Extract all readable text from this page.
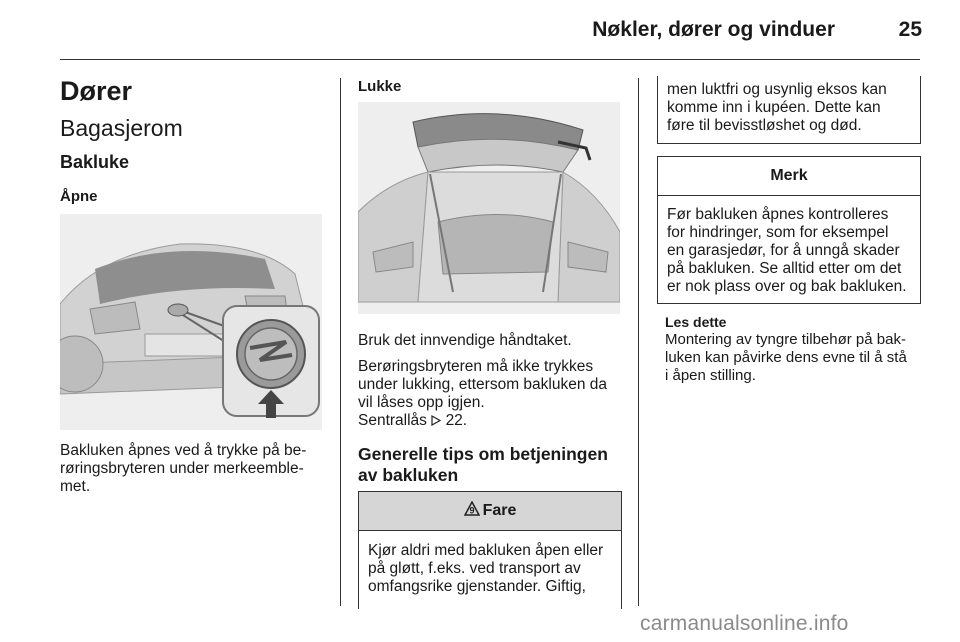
Nøkler, dører og vinduer	25
Dører
Bagasjerom
Bakluke
Åpne

Bakluken åpnes ved å trykke på be-

røringsbryteren under merkeemble-

met.

Lukke

Bruk det innvendige håndtaket.

Berøringsbryteren må ikke trykkes

under lukking, ettersom bakluken da

vil låses opp igjen.

Sentrallås 22.

Generelle tips om betjeningen
av bakluken
9 Fare
Kjør aldri med bakluken åpen eller
på gløtt, f.eks. ved transport av
omfangsrike gjenstander. Giftig,
men luktfri og usynlig eksos kan
komme inn i kupéen. Dette kan
føre til bevisstløshet og død.
Merk
Før bakluken åpnes kontrolleres
for hindringer, som for eksempel
en garasjedør, for å unngå skader
på bakluken. Se alltid etter om det
er nok plass over og bak bakluken.
Les dette

Montering av tyngre tilbehør på bak-

luken kan påvirke dens evne til å stå

i åpen stilling.

carmanualsonline.info
